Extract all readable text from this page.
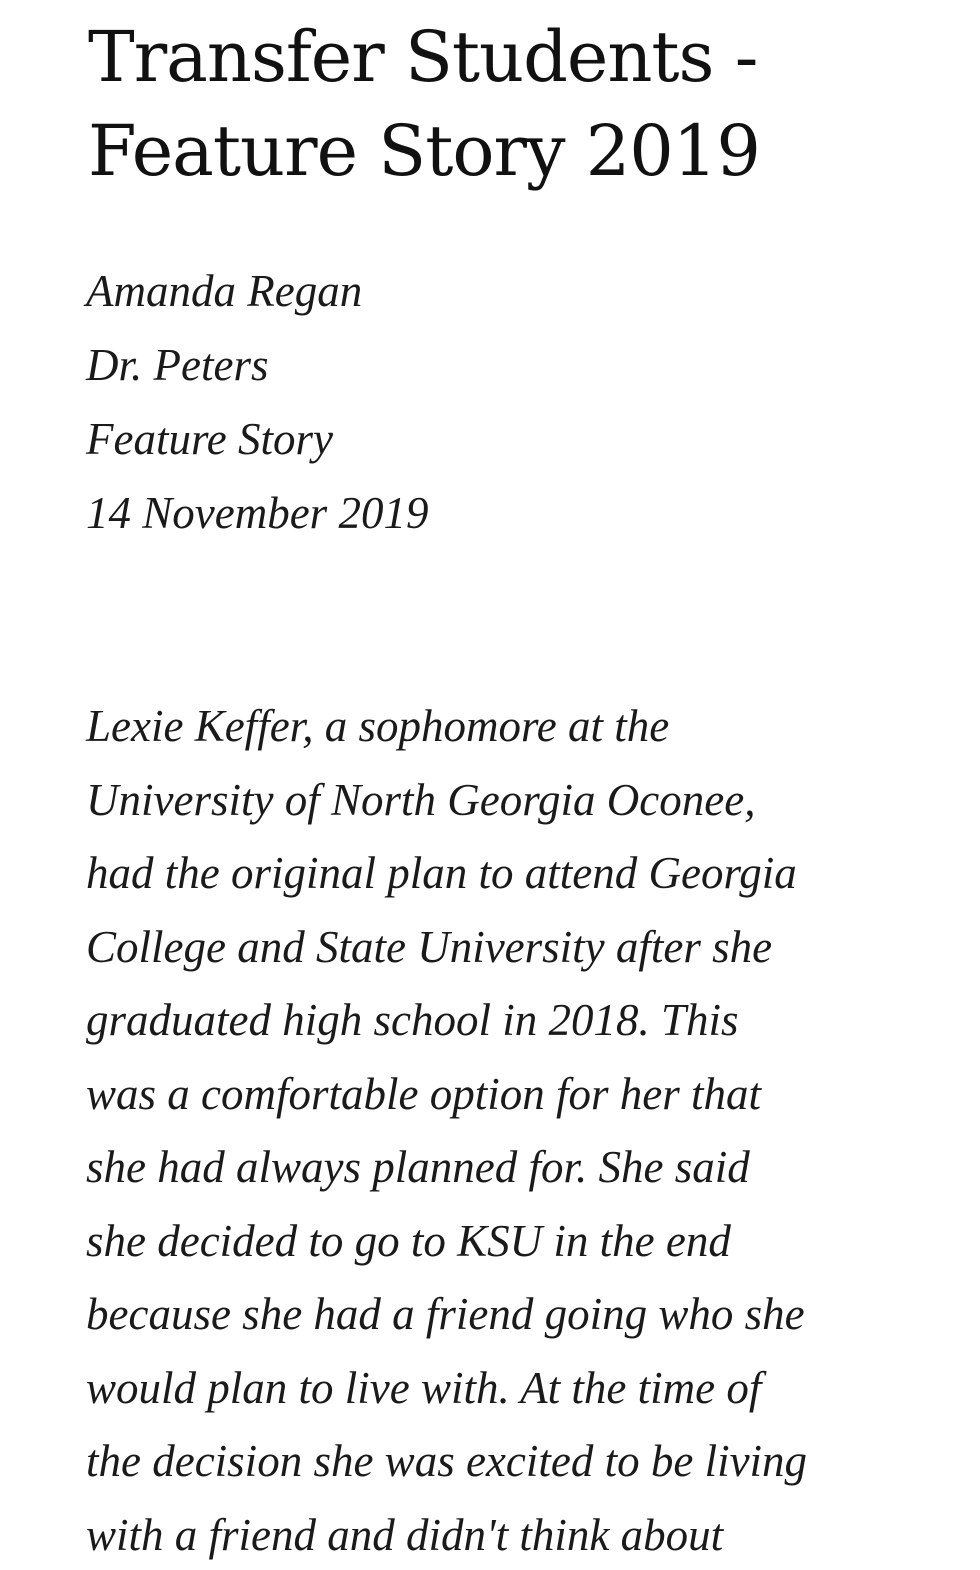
Transfer Students -
Feature Story 2019
Amanda Regan
Dr. Peters
Feature Story
14 November 2019
Lexie Keffer, a sophomore at the
University of North Georgia Oconee,
had the original plan to attend Georgia
College and State University after she
graduated high school in 2018. This
was a comfortable option for her that
she had always planned for. She said
she decided to go to KSU in the end
because she had a friend going who she
would plan to live with. At the time of
the decision she was excited to be living
with a friend and didn't think about
